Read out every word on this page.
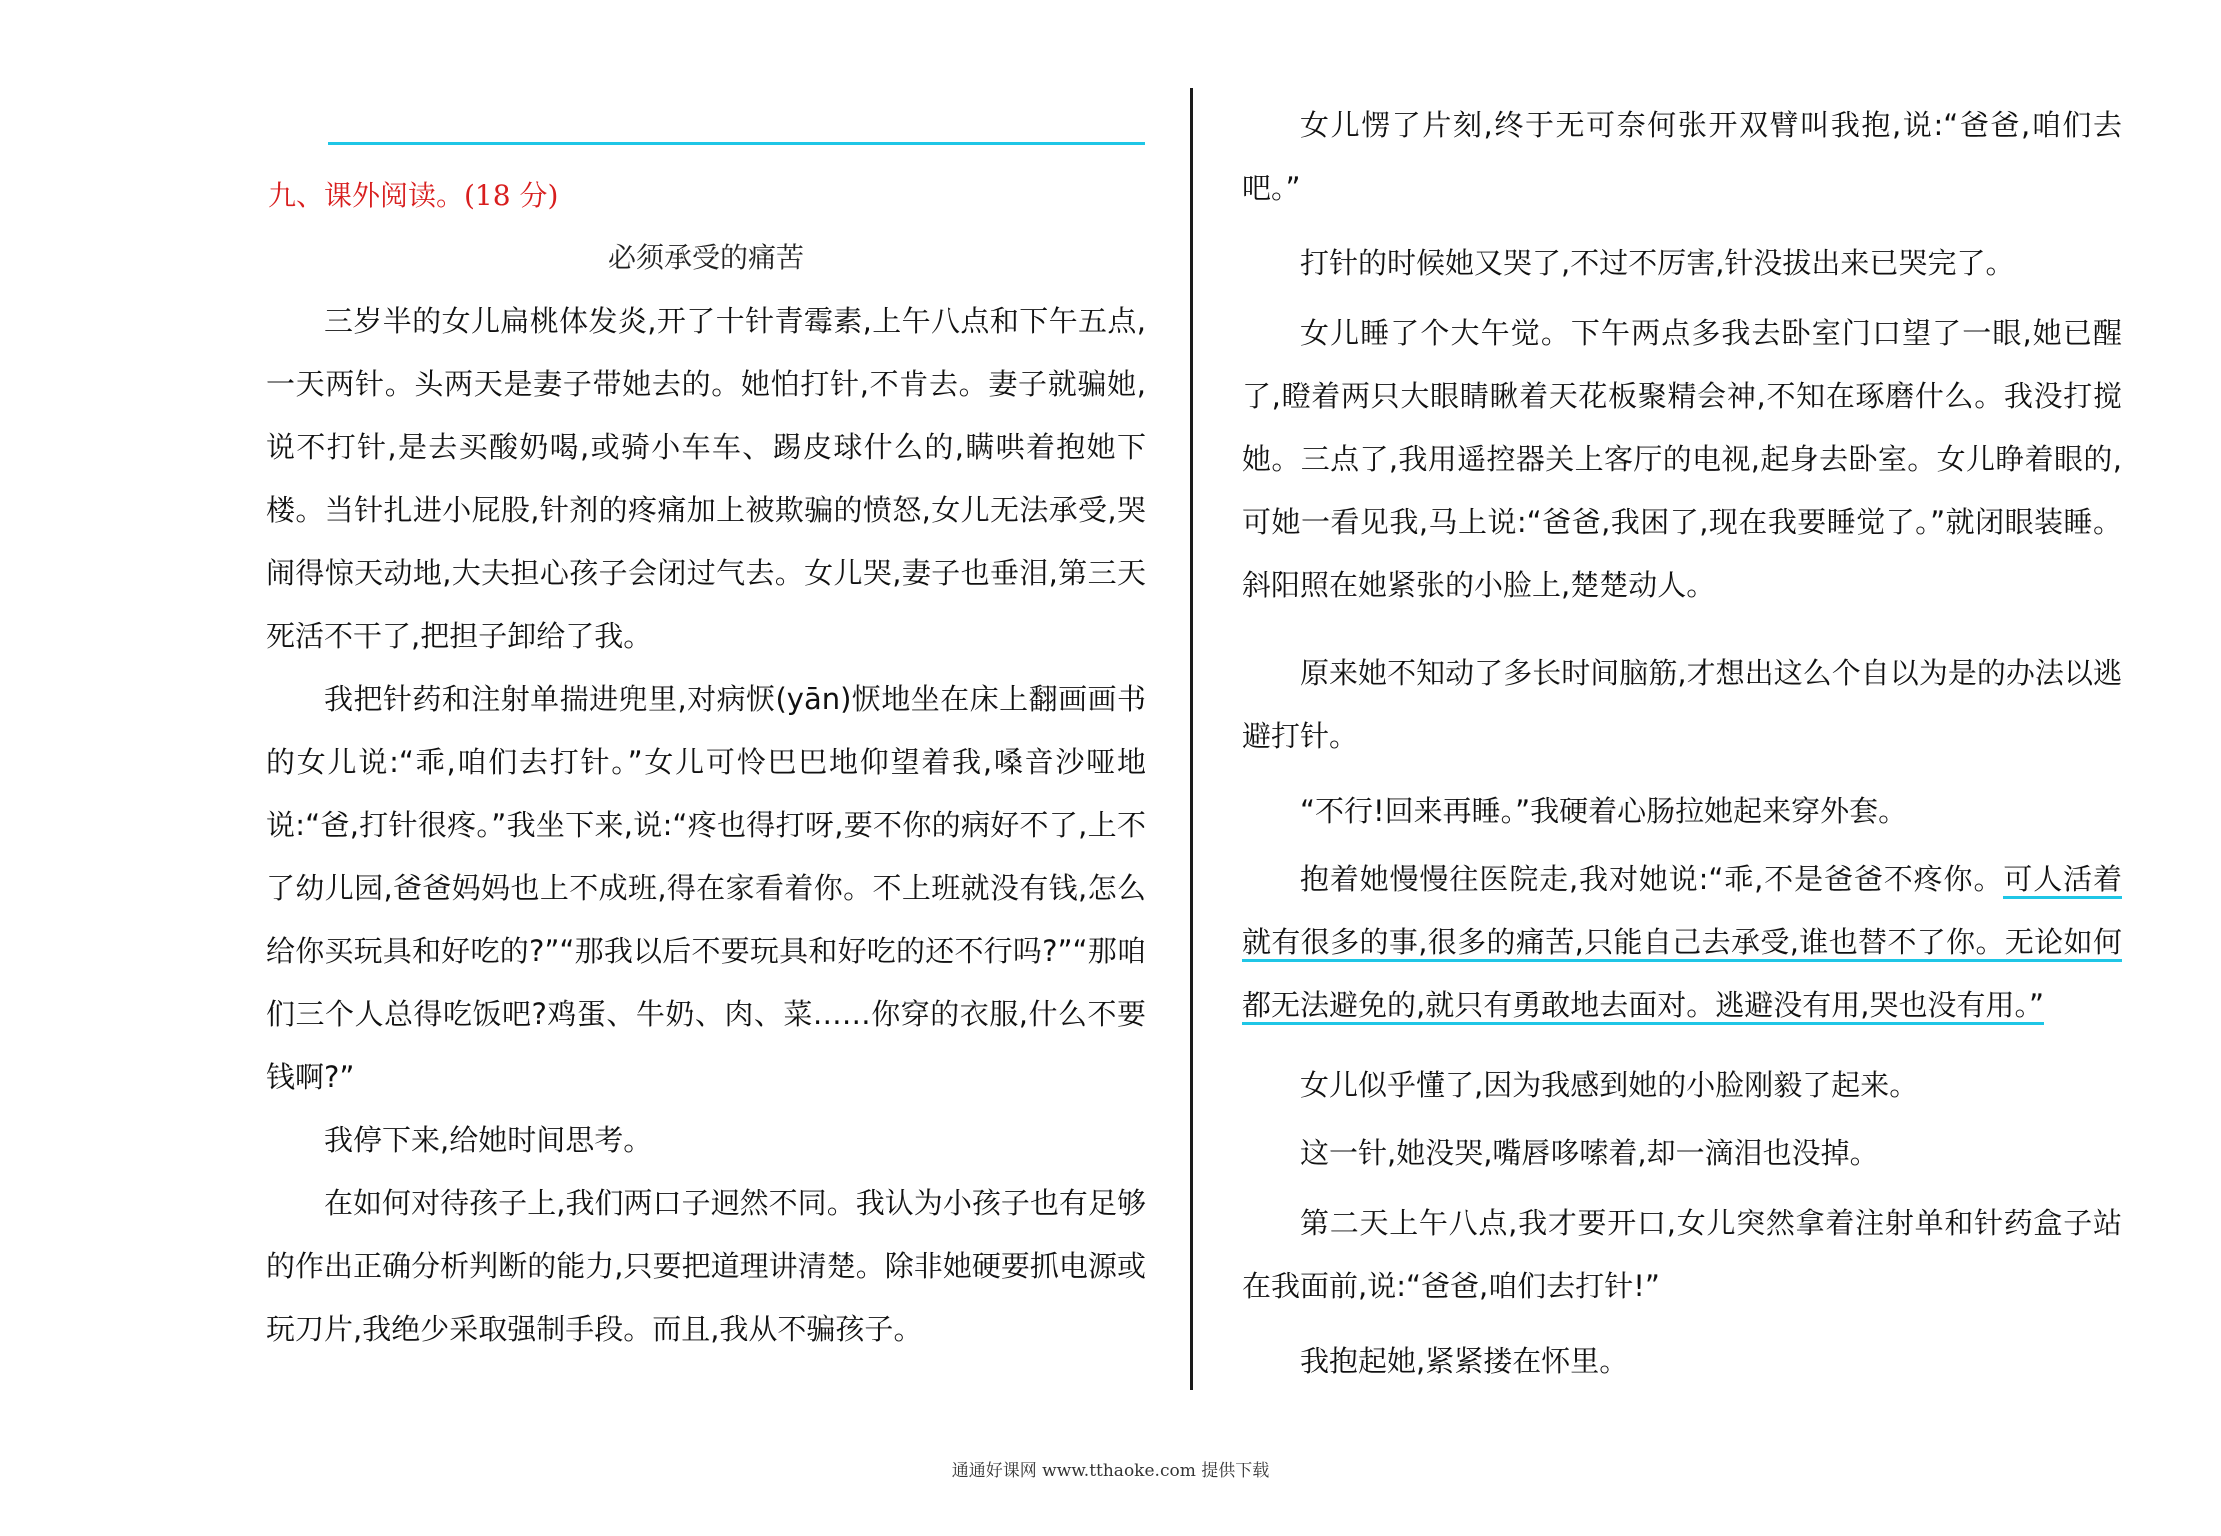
九、课外阅读。(18 分)
必须承受的痛苦

三岁半的女儿扁桃体发炎,开了十针青霉素,上午八点和下午五点,一天两针。头两天是妻子带她去的。她怕打针,不肯去。妻子就骗她,说不打针,是去买酸奶喝,或骑小车车、踢皮球什么的,瞒哄着抱她下楼。当针扎进小屁股,针剂的疼痛加上被欺骗的愤怒,女儿无法承受,哭闹得惊天动地,大夫担心孩子会闭过气去。女儿哭,妻子也垂泪,第三天死活不干了,把担子卸给了我。

我把针药和注射单揣进兜里,对病恹(yān)恹地坐在床上翻画画书的女儿说:“乖,咱们去打针。”女儿可怜巴巴地仰望着我,嗓音沙哑地说:“爸,打针很疼。”我坐下来,说:“疼也得打呀,要不你的病好不了,上不了幼儿园,爸爸妈妈也上不成班,得在家看着你。不上班就没有钱,怎么给你买玩具和好吃的?”“那我以后不要玩具和好吃的还不行吗?”“那咱们三个人总得吃饭吧?鸡蛋、牛奶、肉、菜……你穿的衣服,什么不要钱啊?”

我停下来,给她时间思考。

在如何对待孩子上,我们两口子迥然不同。我认为小孩子也有足够的作出正确分析判断的能力,只要把道理讲清楚。除非她硬要抓电源或玩刀片,我绝少采取强制手段。而且,我从不骗孩子。

女儿愣了片刻,终于无可奈何张开双臂叫我抱,说:“爸爸,咱们去吧。”

打针的时候她又哭了,不过不厉害,针没拔出来已哭完了。

女儿睡了个大午觉。下午两点多我去卧室门口望了一眼,她已醒了,瞪着两只大眼睛瞅着天花板聚精会神,不知在琢磨什么。我没打搅她。三点了,我用遥控器关上客厅的电视,起身去卧室。女儿睁着眼的,可她一看见我,马上说:“爸爸,我困了,现在我要睡觉了。”就闭眼装睡。斜阳照在她紧张的小脸上,楚楚动人。

原来她不知动了多长时间脑筋,才想出这么个自以为是的办法以逃避打针。

“不行!回来再睡。”我硬着心肠拉她起来穿外套。

抱着她慢慢往医院走,我对她说:“乖,不是爸爸不疼你。可人活着就有很多的事,很多的痛苦,只能自己去承受,谁也替不了你。无论如何都无法避免的,就只有勇敢地去面对。逃避没有用,哭也没有用。”

女儿似乎懂了,因为我感到她的小脸刚毅了起来。

这一针,她没哭,嘴唇哆嗦着,却一滴泪也没掉。

第二天上午八点,我才要开口,女儿突然拿着注射单和针药盒子站在我面前,说:“爸爸,咱们去打针!”

我抱起她,紧紧搂在怀里。

通通好课网 www.tthaoke.com 提供下载
